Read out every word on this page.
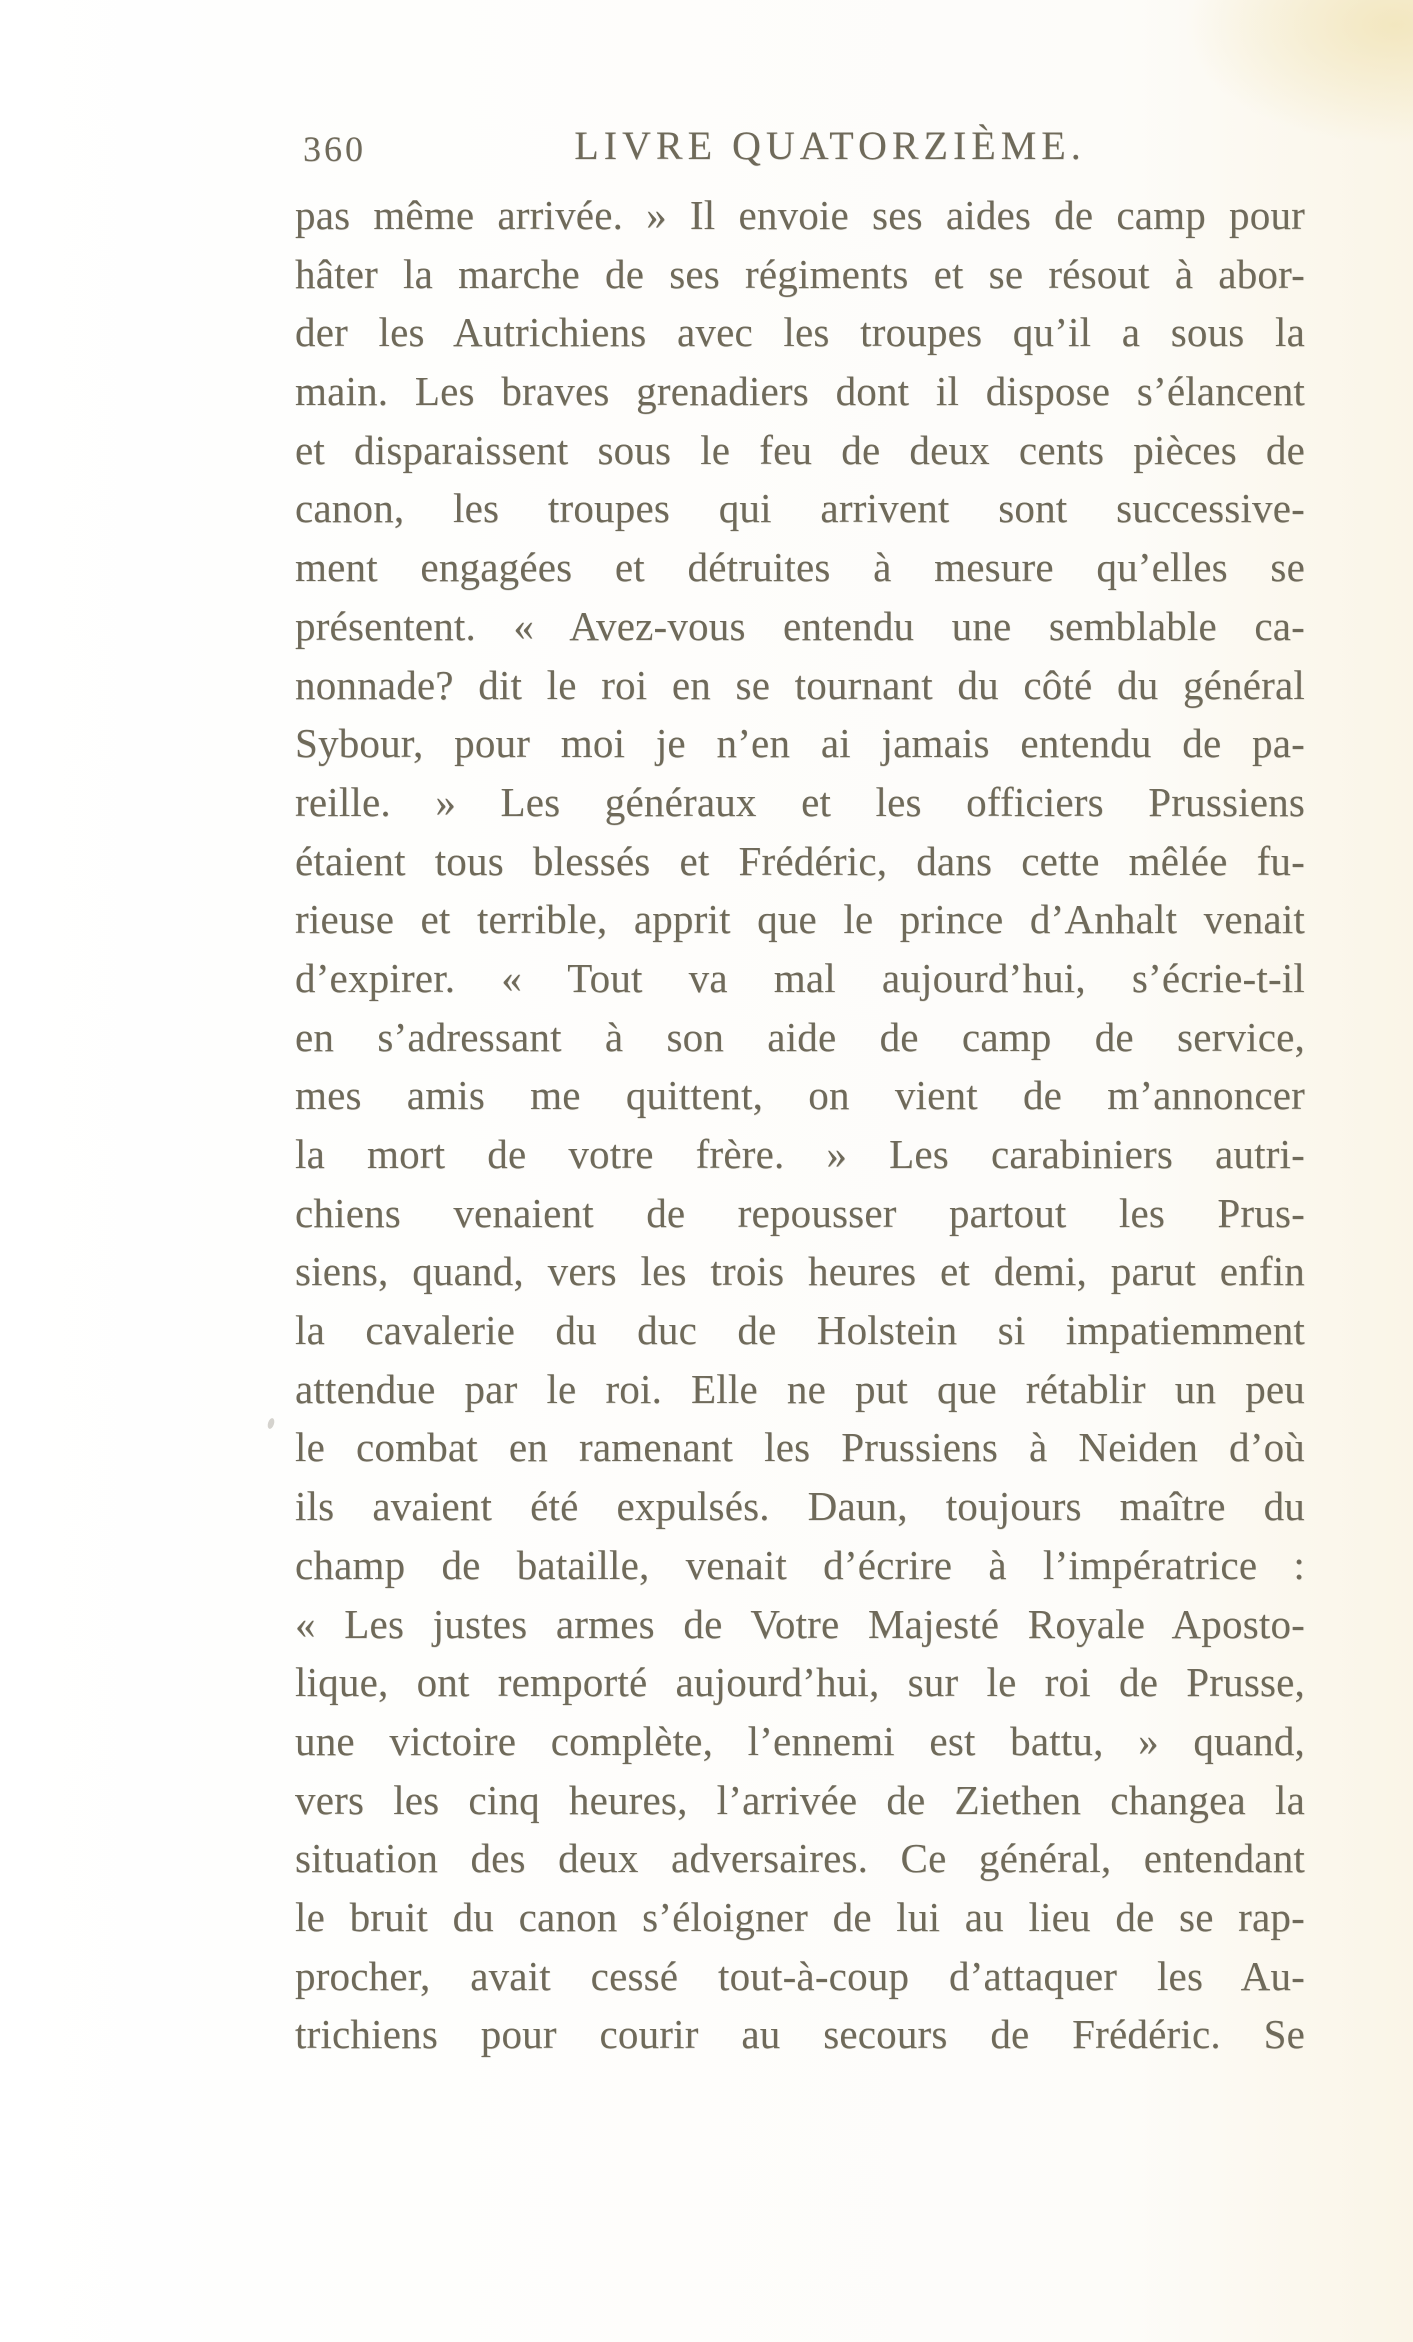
360	LIVRE QUATORZIÈME.
pas même arrivée. » Il envoie ses aides de camp pour
hâter la marche de ses régiments et se résout à abor-
der les Autrichiens avec les troupes qu’il a sous la
main. Les braves grenadiers dont il dispose s’élancent
et disparaissent sous le feu de deux cents pièces de
canon, les troupes qui arrivent sont successive-
ment engagées et détruites à mesure qu’elles se
présentent. « Avez-vous entendu une semblable ca-
nonnade? dit le roi en se tournant du côté du général
Sybour, pour moi je n’en ai jamais entendu de pa-
reille. » Les généraux et les officiers Prussiens
étaient tous blessés et Frédéric, dans cette mêlée fu-
rieuse et terrible, apprit que le prince d’Anhalt venait
d’expirer. « Tout va mal aujourd’hui, s’écrie-t-il
en s’adressant à son aide de camp de service,
mes amis me quittent, on vient de m’annoncer
la mort de votre frère. » Les carabiniers autri-
chiens venaient de repousser partout les Prus-
siens, quand, vers les trois heures et demi, parut enfin
la cavalerie du duc de Holstein si impatiemment
attendue par le roi. Elle ne put que rétablir un peu
le combat en ramenant les Prussiens à Neiden d’où
ils avaient été expulsés. Daun, toujours maître du
champ de bataille, venait d’écrire à l’impératrice :
« Les justes armes de Votre Majesté Royale Aposto-
lique, ont remporté aujourd’hui, sur le roi de Prusse,
une victoire complète, l’ennemi est battu, » quand,
vers les cinq heures, l’arrivée de Ziethen changea la
situation des deux adversaires. Ce général, entendant
le bruit du canon s’éloigner de lui au lieu de se rap-
procher, avait cessé tout-à-coup d’attaquer les Au-
trichiens pour courir au secours de Frédéric. Se
